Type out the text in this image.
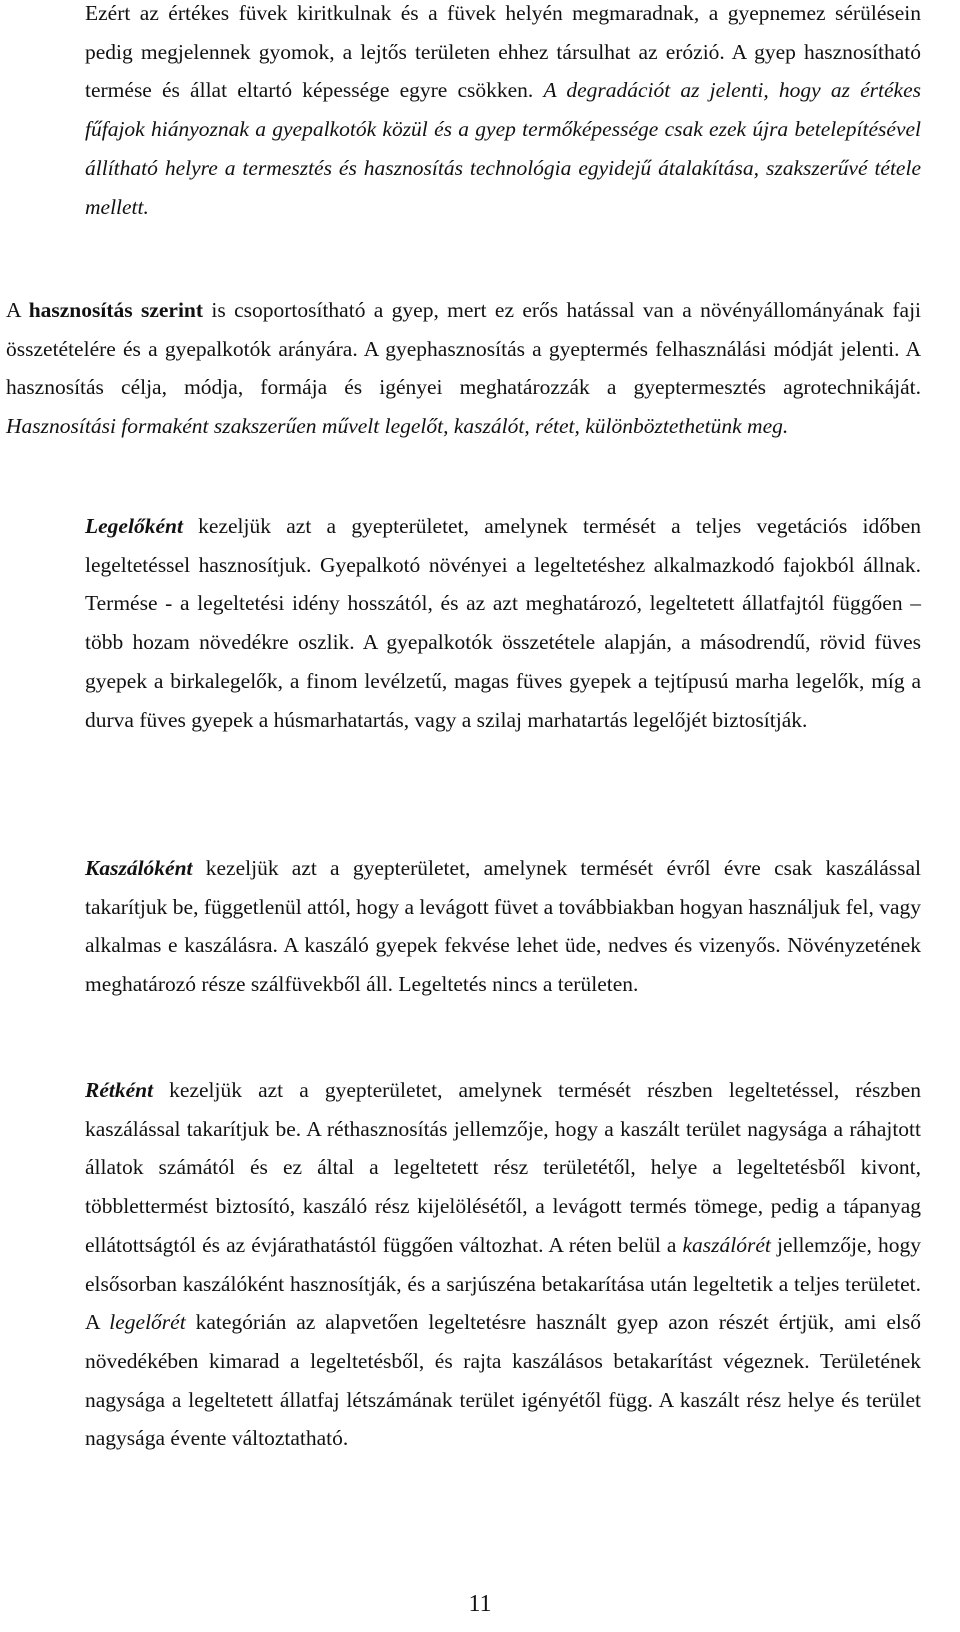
Ezért az értékes füvek kiritkulnak és a füvek helyén megmaradnak, a gyepnemez sérülésein pedig megjelennek gyomok, a lejtős területen ehhez társulhat az erózió. A gyep hasznosítható termése és állat eltartó képessége egyre csökken. A degradációt az jelenti, hogy az értékes fűfajok hiányoznak a gyepalkotók közül és a gyep termőképessége csak ezek újra betelepítésével állítható helyre a termesztés és hasznosítás technológia egyidejű átalakítása, szakszerűvé tétele mellett.

A hasznosítás szerint is csoportosítható a gyep, mert ez erős hatással van a növényállományának faji összetételére és a gyepalkotók arányára. A gyephasznosítás a gyeptermés felhasználási módját jelenti. A hasznosítás célja, módja, formája és igényei meghatározzák a gyeptermesztés agrotechnikáját. Hasznosítási formaként szakszerűen művelt legelőt, kaszálót, rétet, különböztethetünk meg.

Legelőként kezeljük azt a gyepterületet, amelynek termését a teljes vegetációs időben legeltetéssel hasznosítjuk. Gyepalkotó növényei a legeltetéshez alkalmazkodó fajokból állnak. Termése - a legeltetési idény hosszától, és az azt meghatározó, legeltetett állatfajtól függően – több hozam növedékre oszlik. A gyepalkotók összetétele alapján, a másodrendű, rövid füves gyepek a birkalegelők, a finom levélzetű, magas füves gyepek a tejtípusú marha legelők, míg a durva füves gyepek a húsmarhatartás, vagy a szilaj marhatartás legelőjét biztosítják.

Kaszálóként kezeljük azt a gyepterületet, amelynek termését évről évre csak kaszálással takarítjuk be, függetlenül attól, hogy a levágott füvet a továbbiakban hogyan használjuk fel, vagy alkalmas e kaszálásra. A kaszáló gyepek fekvése lehet üde, nedves és vizenyős. Növényzetének meghatározó része szálfüvekből áll. Legeltetés nincs a területen.

Rétként kezeljük azt a gyepterületet, amelynek termését részben legeltetéssel, részben kaszálással takarítjuk be. A réthasznosítás jellemzője, hogy a kaszált terület nagysága a ráhajtott állatok számától és ez által a legeltetett rész területétől, helye a legeltetésből kivont, többlettermést biztosító, kaszáló rész kijelölésétől, a levágott termés tömege, pedig a tápanyag ellátottságtól és az évjárathatástól függően változhat. A réten belül a kaszálórét jellemzője, hogy elsősorban kaszálóként hasznosítják, és a sarjúszéna betakarítása után legeltetik a teljes területet. A legelőrét kategórián az alapvetően legeltetésre használt gyep azon részét értjük, ami első növedékében kimarad a legeltetésből, és rajta kaszálásos betakarítást végeznek. Területének nagysága a legeltetett állatfaj létszámának terület igényétől függ. A kaszált rész helye és terület nagysága évente változtatható.

11
